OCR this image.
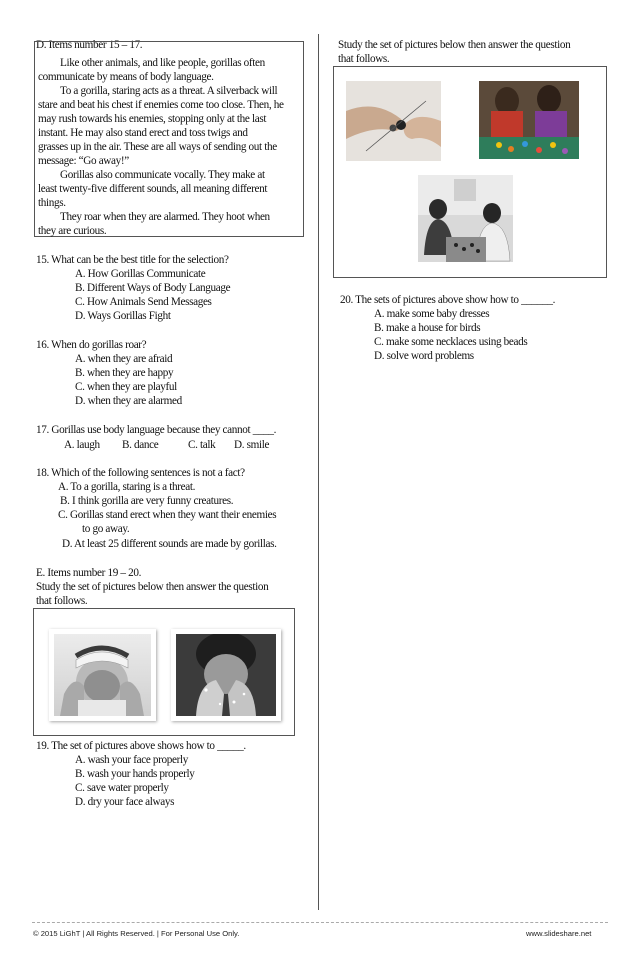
D. Items number 15 – 17.
Like other animals, and like people, gorillas often
communicate by means of body language.
To a gorilla, staring acts as a threat. A silverback will
stare and beat his chest if enemies come too close. Then, he
may rush towards his enemies, stopping only at the last
instant. He may also stand erect and toss twigs and
grasses up in the air. These are all ways of sending out the
message: “Go away!”
Gorillas also communicate vocally. They make at
least twenty-five different sounds, all meaning different
things.
They roar when they are alarmed. They hoot when
they are curious.
15. What can be the best title for the selection?
A. How Gorillas Communicate
B. Different Ways of Body Language
C. How Animals Send Messages
D. Ways Gorillas Fight
16. When do gorillas roar?
A. when they are afraid
B. when they are happy
C. when they are playful
D. when they are alarmed
17. Gorillas use body language because they cannot ____.
A. laugh B. dance	C. talk D. smile
18. Which of the following sentences is not a fact?
A. To a gorilla, staring is a threat.
B. I think gorilla are very funny creatures.
C. Gorillas stand erect when they want their enemies
to go away.
D. At least 25 different sounds are made by gorillas.
E. Items number 19 – 20.
Study the set of pictures below then answer the question
that follows.
19. The set of pictures above shows how to _____.
A. wash your face properly
B. wash your hands properly
C. save water properly
D. dry your face always
Study the set of pictures below then answer the question
that follows.
20. The sets of pictures above show how to ______.
A. make some baby dresses
B. make a house for birds
C. make some necklaces using beads
D. solve word problems
© 2015 LiGhT | All Rights Reserved. | For Personal Use Only.	www.slideshare.net
